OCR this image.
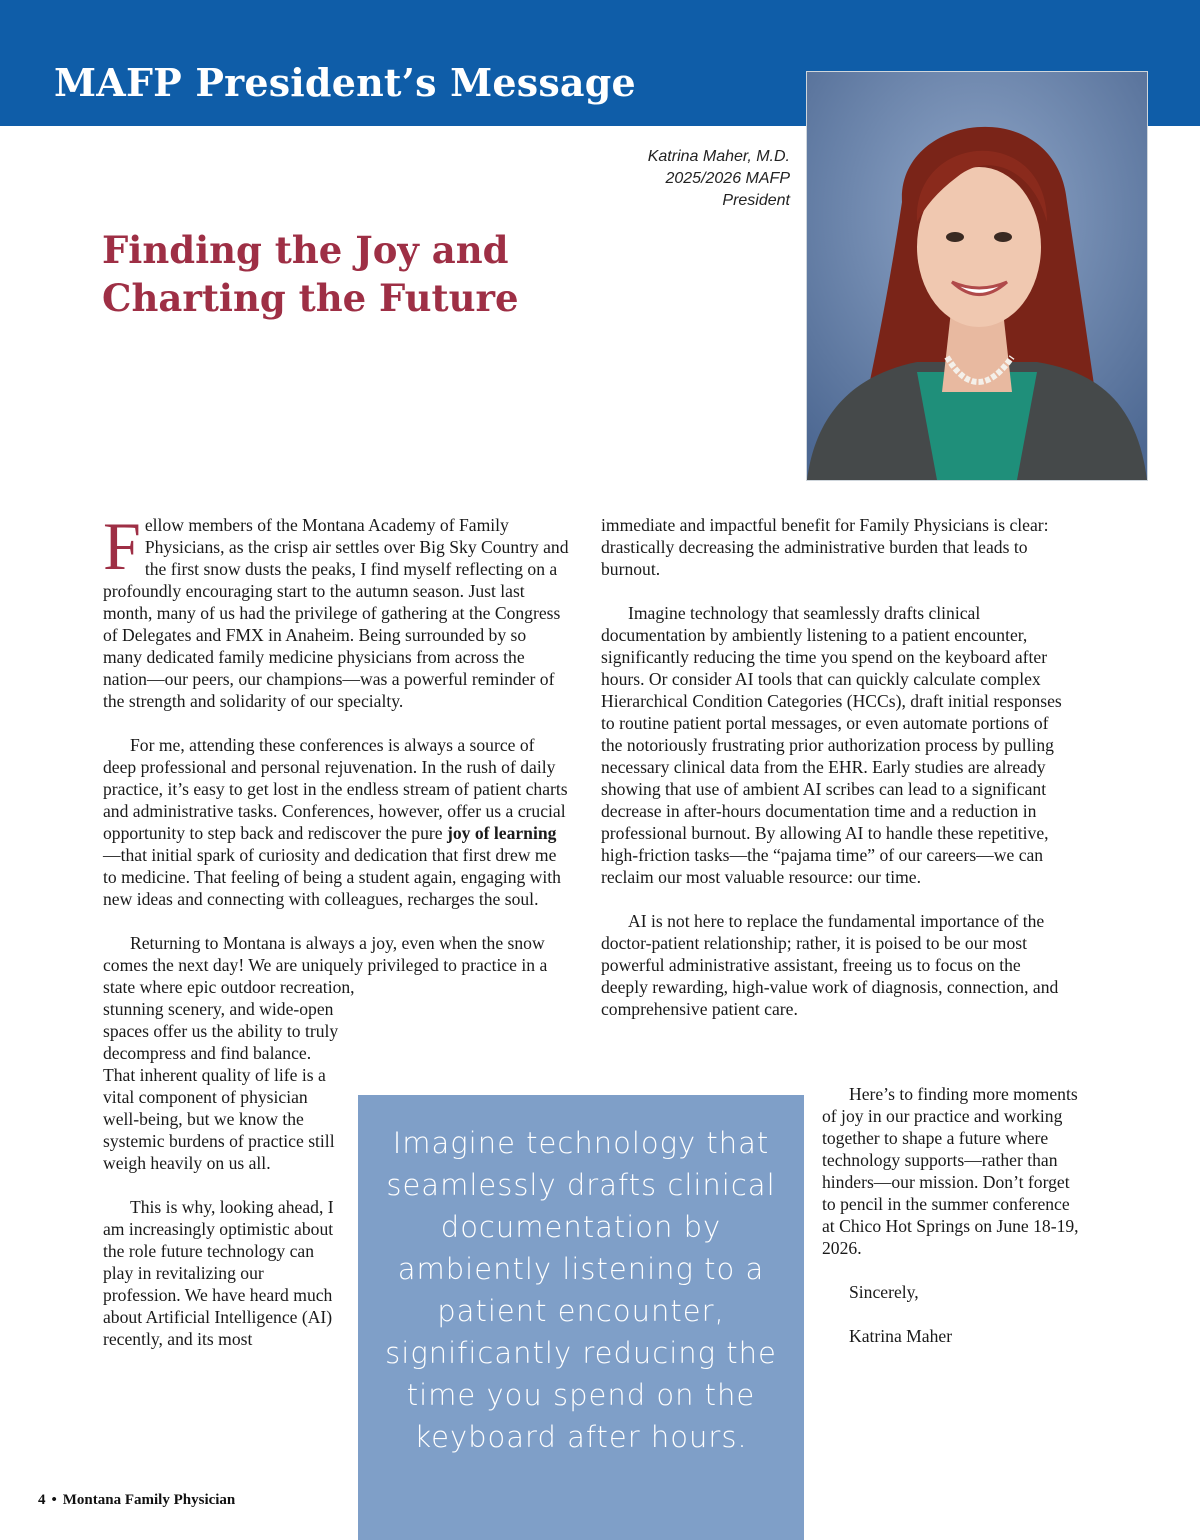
MAFP President’s Message
Katrina Maher, M.D.
2025/2026 MAFP
President
Finding the Joy and
Charting the Future

Fellow members of the Montana Academy of Family Physicians, as the crisp air settles over Big Sky Country and the first snow dusts the peaks, I find myself reflecting on a profoundly encouraging start to the autumn season. Just last month, many of us had the privilege of gathering at the Congress of Delegates and FMX in Anaheim. Being surrounded by so many dedicated family medicine physicians from across the nation—our peers, our champions—was a powerful reminder of the strength and solidarity of our specialty.

For me, attending these conferences is always a source of deep professional and personal rejuvenation. In the rush of daily practice, it’s easy to get lost in the endless stream of patient charts and administrative tasks. Conferences, however, offer us a crucial opportunity to step back and rediscover the pure joy of learning—that initial spark of curiosity and dedication that first drew me to medicine. That feeling of being a student again, engaging with new ideas and connecting with colleagues, recharges the soul.

Returning to Montana is always a joy, even when the snow comes the next day! We are uniquely privileged to practice in a state where epic outdoor recreation,

stunning scenery, and wide-open spaces offer us the ability to truly decompress and find balance. That inherent quality of life is a vital component of physician well-being, but we know the systemic burdens of practice still weigh heavily on us all.

This is why, looking ahead, I am increasingly optimistic about the role future technology can play in revitalizing our profession. We have heard much about Artificial Intelligence (AI) recently, and its most

immediate and impactful benefit for Family Physicians is clear: drastically decreasing the administrative burden that leads to burnout.

Imagine technology that seamlessly drafts clinical documentation by ambiently listening to a patient encounter, significantly reducing the time you spend on the keyboard after hours. Or consider AI tools that can quickly calculate complex Hierarchical Condition Categories (HCCs), draft initial responses to routine patient portal messages, or even automate portions of the notoriously frustrating prior authorization process by pulling necessary clinical data from the EHR. Early studies are already showing that use of ambient AI scribes can lead to a significant decrease in after-hours documentation time and a reduction in professional burnout. By allowing AI to handle these repetitive, high-friction tasks—the “pajama time” of our careers—we can reclaim our most valuable resource: our time.

AI is not here to replace the fundamental importance of the doctor-patient relationship; rather, it is poised to be our most powerful administrative assistant, freeing us to focus on the deeply rewarding, high-value work of diagnosis, connection, and comprehensive patient care.

Here’s to finding more moments of joy in our practice and working together to shape a future where technology supports—rather than hinders—our mission. Don’t forget to pencil in the summer conference at Chico Hot Springs on June 18-19, 2026.

Sincerely,

Katrina Maher

Imagine technology that seamlessly drafts clinical documentation by ambiently listening to a patient encounter, significantly reducing the time you spend on the keyboard after hours.

4 • Montana Family Physician
